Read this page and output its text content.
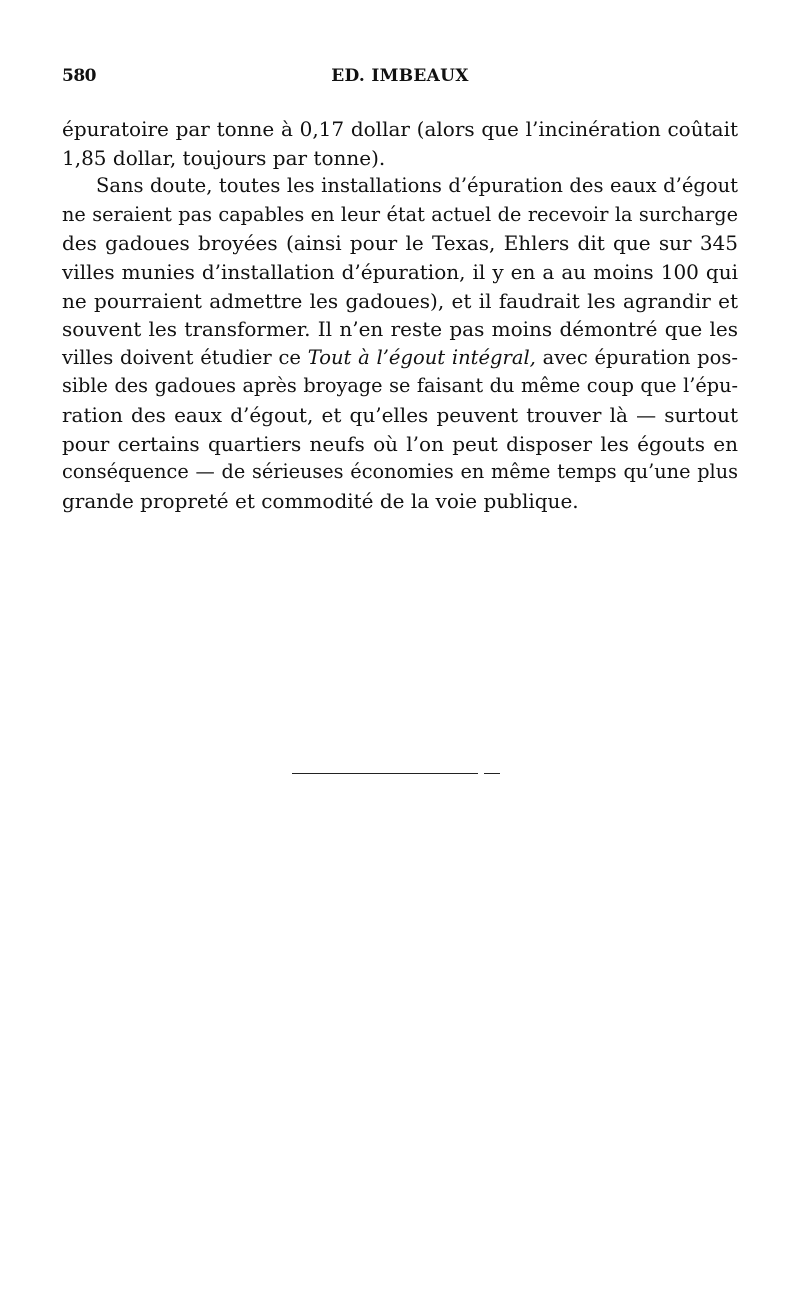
580	ED. IMBEAUX
épuratoire par tonne à 0,17 dollar (alors que l’incinération coûtait
1,85 dollar, toujours par tonne).
Sans doute, toutes les installations d’épuration des eaux d’égout
ne seraient pas capables en leur état actuel de recevoir la surcharge
des gadoues broyées (ainsi pour le Texas, Ehlers dit que sur 345
villes munies d’installation d’épuration, il y en a au moins 100 qui
ne pourraient admettre les gadoues), et il faudrait les agrandir et
souvent les transformer. Il n’en reste pas moins démontré que les
villes doivent étudier ce Tout à l’égout intégral, avec épuration pos-
sible des gadoues après broyage se faisant du même coup que l’épu-
ration des eaux d’égout, et qu’elles peuvent trouver là — surtout
pour certains quartiers neufs où l’on peut disposer les égouts en
conséquence — de sérieuses économies en même temps qu’une plus
grande propreté et commodité de la voie publique.
